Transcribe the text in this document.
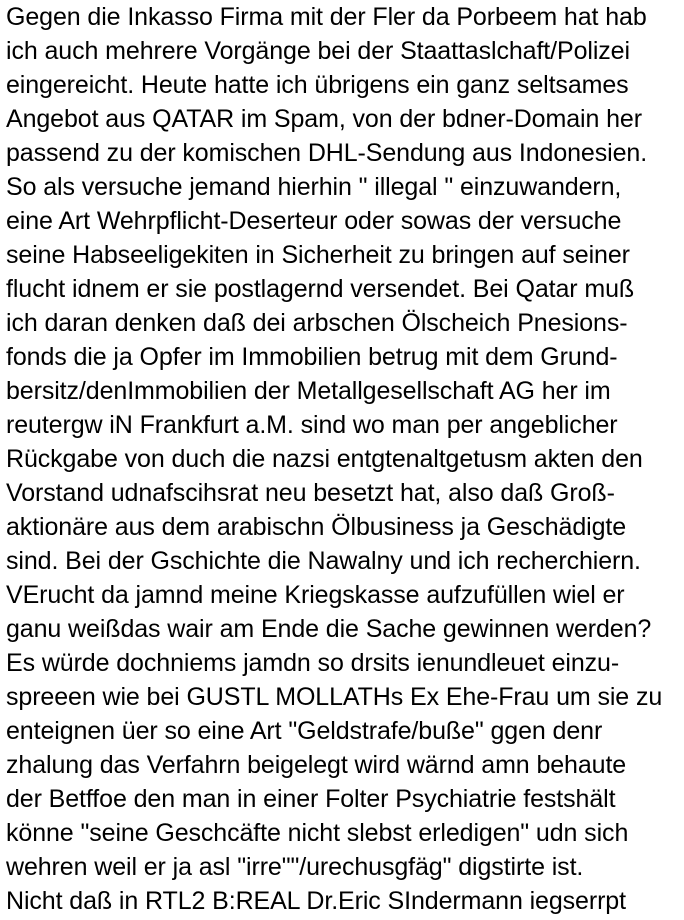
Gegen die Inkasso Firma mit der Fler da Porbeem hat hab

ich auch mehrere Vorgänge bei der Staattaslchaft/Polizei

eingereicht. Heute hatte ich übrigens ein ganz seltsames

Angebot aus QATAR im Spam, von der bdner-Domain her

passend zu der komischen DHL-Sendung aus Indonesien.

So als versuche jemand hierhin " illegal " einzuwandern,

eine Art Wehrpflicht-Deserteur oder sowas der versuche

seine Habseeligekiten in Sicherheit zu bringen auf seiner

flucht idnem er sie postlagernd versendet. Bei Qatar muß

ich daran denken daß dei arbschen Ölscheich Pnesions-

fonds die ja Opfer im Immobilien betrug mit dem Grund-

bersitz/denImmobilien der Metallgesellschaft AG her im

reutergw iN Frankfurt a.M. sind wo man per angeblicher

Rückgabe von duch die nazsi entgtenaltgetusm akten den

Vorstand udnafscihsrat neu besetzt hat, also daß Groß-

aktionäre aus dem arabischn Ölbusiness ja Geschädigte

sind. Bei der Gschichte die Nawalny und ich recherchiern.

VErucht da jamnd meine Kriegskasse aufzufüllen wiel er

ganu weißdas wair am Ende die Sache gewinnen werden?

Es würde dochniems jamdn so drsits ienundleuet einzu-

spreeen wie bei GUSTL MOLLATHs Ex Ehe-Frau um sie zu

enteignen üer so eine Art "Geldstrafe/buße" ggen denr

zhalung das Verfahrn beigelegt wird wärnd amn behaute

der Betffoe den man in einer Folter Psychiatrie festshält

könne "seine Geschcäfte nicht slebst erledigen" udn sich

wehren weil er ja asl "irre""/urechusgfäg" digstirte ist.

Nicht daß in RTL2 B:REAL Dr.Eric SIndermann iegserrpt
